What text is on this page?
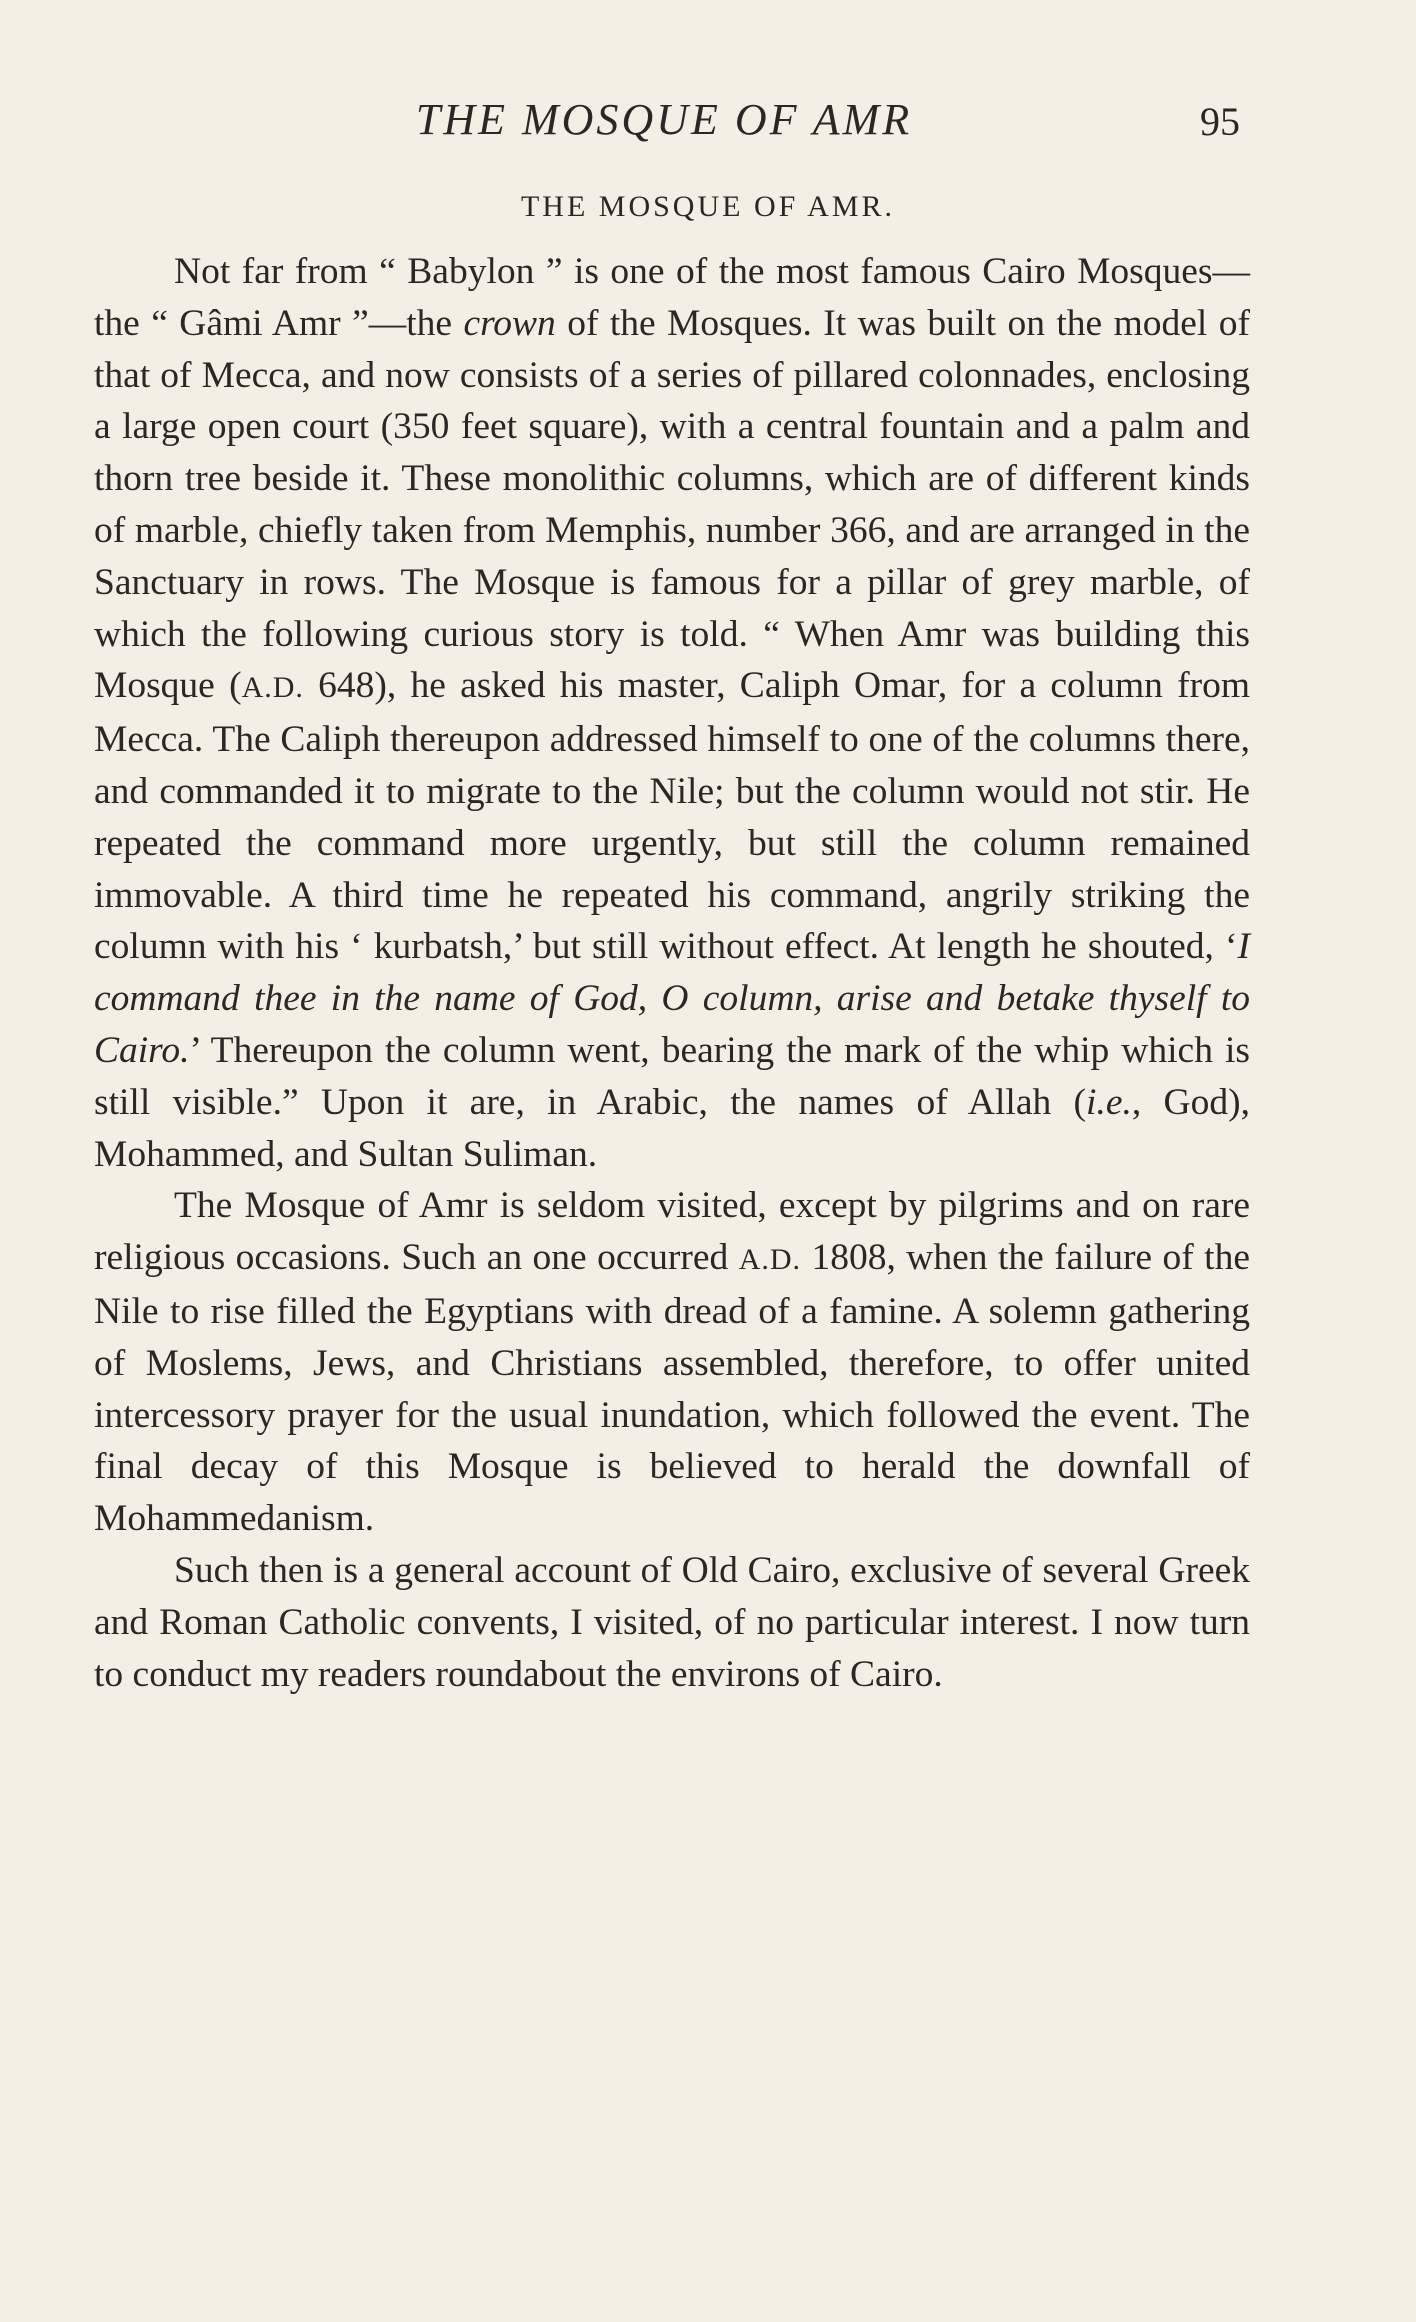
THE MOSQUE OF AMR	95
THE MOSQUE OF AMR.

Not far from “ Babylon ” is one of the most famous Cairo Mosques—the “ Gâmi Amr ”—the crown of the Mosques. It was built on the model of that of Mecca, and now consists of a series of pillared colonnades, enclosing a large open court (350 feet square), with a central fountain and a palm and thorn tree beside it. These monolithic columns, which are of different kinds of marble, chiefly taken from Memphis, number 366, and are arranged in the Sanctuary in rows. The Mosque is famous for a pillar of grey marble, of which the following curious story is told. “ When Amr was building this Mosque (A.D. 648), he asked his master, Caliph Omar, for a column from Mecca. The Caliph thereupon addressed himself to one of the columns there, and commanded it to migrate to the Nile; but the column would not stir. He repeated the command more urgently, but still the column remained immovable. A third time he repeated his command, angrily striking the column with his ‘ kurbatsh,’ but still without effect. At length he shouted, ‘I command thee in the name of God, O column, arise and betake thyself to Cairo.’ Thereupon the column went, bearing the mark of the whip which is still visible.” Upon it are, in Arabic, the names of Allah (i.e., God), Mohammed, and Sultan Suliman.

The Mosque of Amr is seldom visited, except by pilgrims and on rare religious occasions. Such an one occurred A.D. 1808, when the failure of the Nile to rise filled the Egyptians with dread of a famine. A solemn gathering of Moslems, Jews, and Christians assembled, therefore, to offer united intercessory prayer for the usual inundation, which followed the event. The final decay of this Mosque is believed to herald the downfall of Mohammedanism.

Such then is a general account of Old Cairo, exclusive of several Greek and Roman Catholic convents, I visited, of no particular interest. I now turn to conduct my readers roundabout the environs of Cairo.
